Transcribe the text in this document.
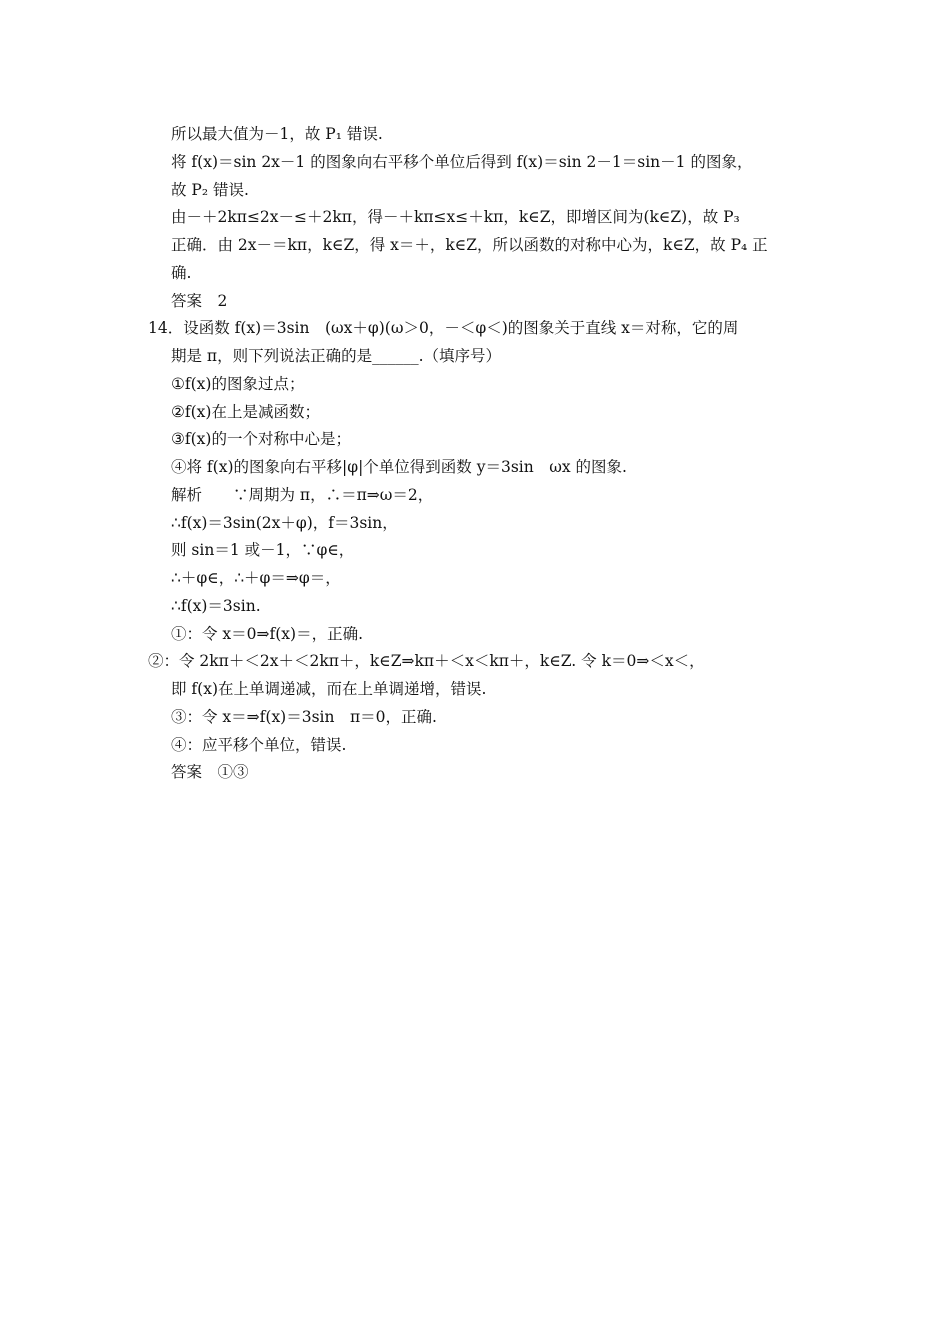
所以最大值为－1，故 P₁ 错误.
将 f(x)＝sin 2x－1 的图象向右平移个单位后得到 f(x)＝sin 2－1＝sin－1 的图象，
故 P₂ 错误.
由－＋2kπ≤2x－≤＋2kπ，得－＋kπ≤x≤＋kπ，k∈Z，即增区间为(k∈Z)，故 P₃
正确．由 2x－＝kπ，k∈Z，得 x＝＋，k∈Z，所以函数的对称中心为，k∈Z，故 P₄ 正
确.
答案　2
14．设函数 f(x)＝3sin　(ωx＋φ)(ω＞0，－＜φ＜)的图象关于直线 x＝对称，它的周
期是 π，则下列说法正确的是______.（填序号）
①f(x)的图象过点；
②f(x)在上是减函数；
③f(x)的一个对称中心是；
④将 f(x)的图象向右平移|φ|个单位得到函数 y＝3sin　ωx 的图象.
解析　　∵周期为 π，∴＝π⇒ω＝2，
∴f(x)＝3sin(2x＋φ)，f＝3sin，
则 sin＝1 或－1，∵φ∈，
∴＋φ∈，∴＋φ＝⇒φ＝，
∴f(x)＝3sin.
①：令 x＝0⇒f(x)＝，正确.
②：令 2kπ＋＜2x＋＜2kπ＋，k∈Z⇒kπ＋＜x＜kπ＋，k∈Z. 令 k＝0⇒＜x＜，
即 f(x)在上单调递减，而在上单调递增，错误.
③：令 x＝⇒f(x)＝3sin　π＝0，正确.
④：应平移个单位，错误.
答案　①③
